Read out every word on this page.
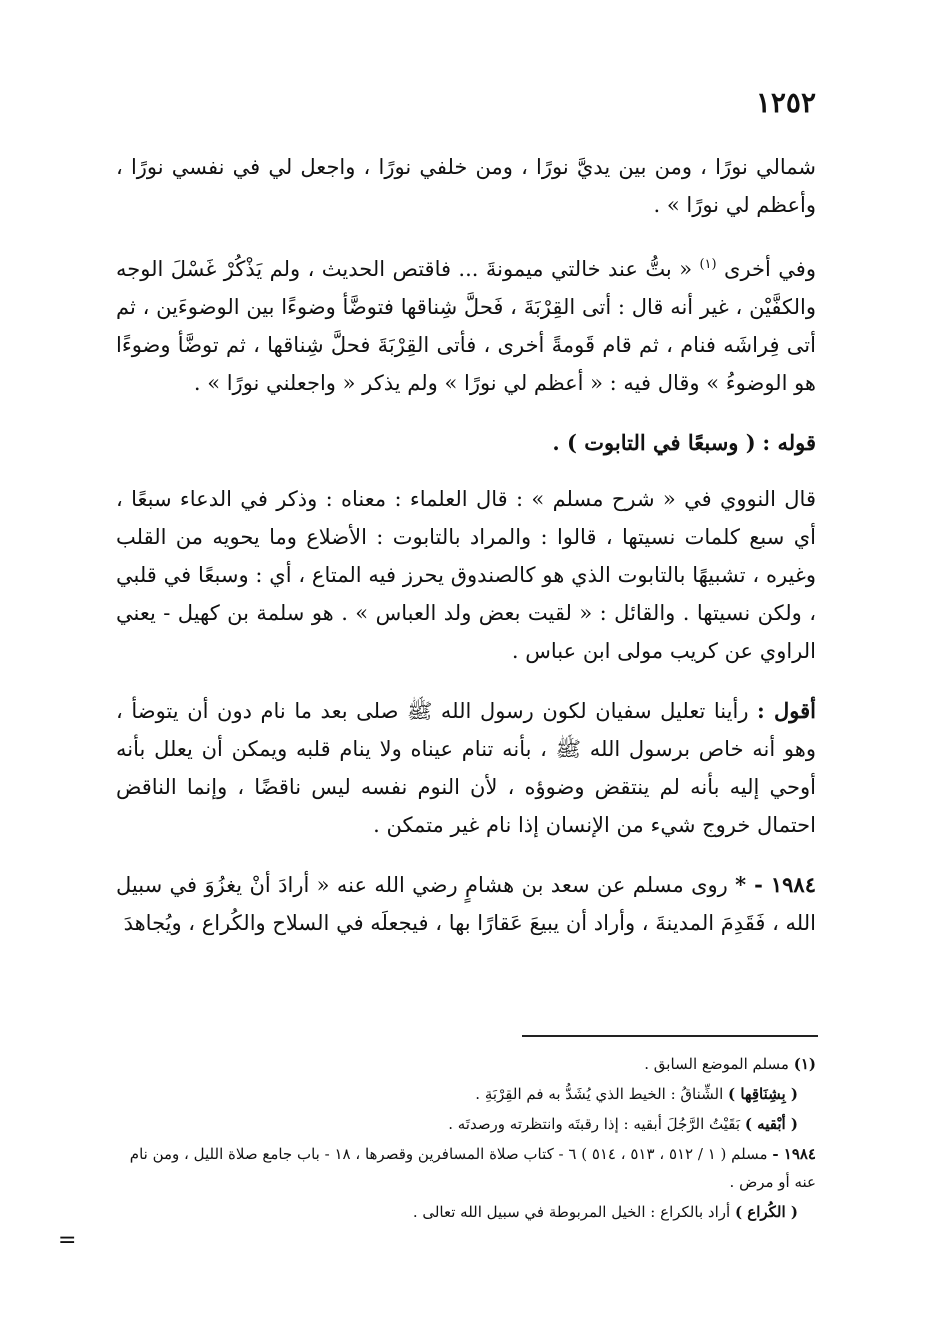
١٢٥٢

شمالي نورًا ، ومن بين يديَّ نورًا ، ومن خلفي نورًا ، واجعل لي في نفسي نورًا ، وأعظم لي نورًا » .

وفي أخرى $^{(١)}$ « بتُّ عند خالتي ميمونةَ ... فاقتص الحديث ، ولم يَذْكُرْ غَسْلَ الوجه والكفَّيْن ، غير أنه قال : أتى القِرْبَةَ ، فَحلَّ شِناقها فتوضَّأ وضوءًا بين الوضوءَين ، ثم أتى فِراشَه فنام ، ثم قام قَومةً أخرى ، فأتى القِرْبَةَ فحلَّ شِناقها ، ثم توضَّأ وضوءًا هو الوضوءُ » وقال فيه : « أعظم لي نورًا » ولم يذكر « واجعلني نورًا » .

قوله : ( وسبعًا في التابوت ) .

قال النووي في « شرح مسلم » : قال العلماء : معناه : وذكر في الدعاء سبعًا ، أي سبع كلمات نسيتها ، قالوا : والمراد بالتابوت : الأضلاع وما يحويه من القلب وغيره ، تشبيهًا بالتابوت الذي هو كالصندوق يحرز فيه المتاع ، أي : وسبعًا في قلبي ، ولكن نسيتها . والقائل : « لقيت بعض ولد العباس » . هو سلمة بن كهيل - يعني الراوي عن كريب مولى ابن عباس .

أقول : رأينا تعليل سفيان لكون رسول الله ﷺ صلى بعد ما نام دون أن يتوضأ ، وهو أنه خاص برسول الله ﷺ ، بأنه تنام عيناه ولا ينام قلبه ويمكن أن يعلل بأنه أوحي إليه بأنه لم ينتقض وضوؤه ، لأن النوم نفسه ليس ناقضًا ، وإنما الناقض احتمال خروج شيء من الإنسان إذا نام غير متمكن .

١٩٨٤ - * روى مسلم عن سعد بن هشامٍ رضي الله عنه « أرادَ أنْ يغزُوَ في سبيل الله ، فَقَدِمَ المدينةَ ، وأراد أن يبيعَ عَقارًا بها ، فيجعلَه في السلاح والكُراع ، ويُجاهدَ

(١) مسلم الموضع السابق .

( بِشِنَاقِها ) الشِّناقُ : الخيط الذي يُشَدُّ به فم القِرْبَةِ .

( أبْقيه ) بَقَيْتُ الرَّجُلَ أبقيه : إذا رقبتَه وانتظرته ورصدتَه .

١٩٨٤ - مسلم ( ١ / ٥١٢ ، ٥١٣ ، ٥١٤ ) ٦ - كتاب صلاة المسافرين وقصرها ، ١٨ - باب جامع صلاة الليل ، ومن نام عنه أو مرض .

( الكُراع ) أراد بالكراع : الخيل المربوطة في سبيل الله تعالى .

=
